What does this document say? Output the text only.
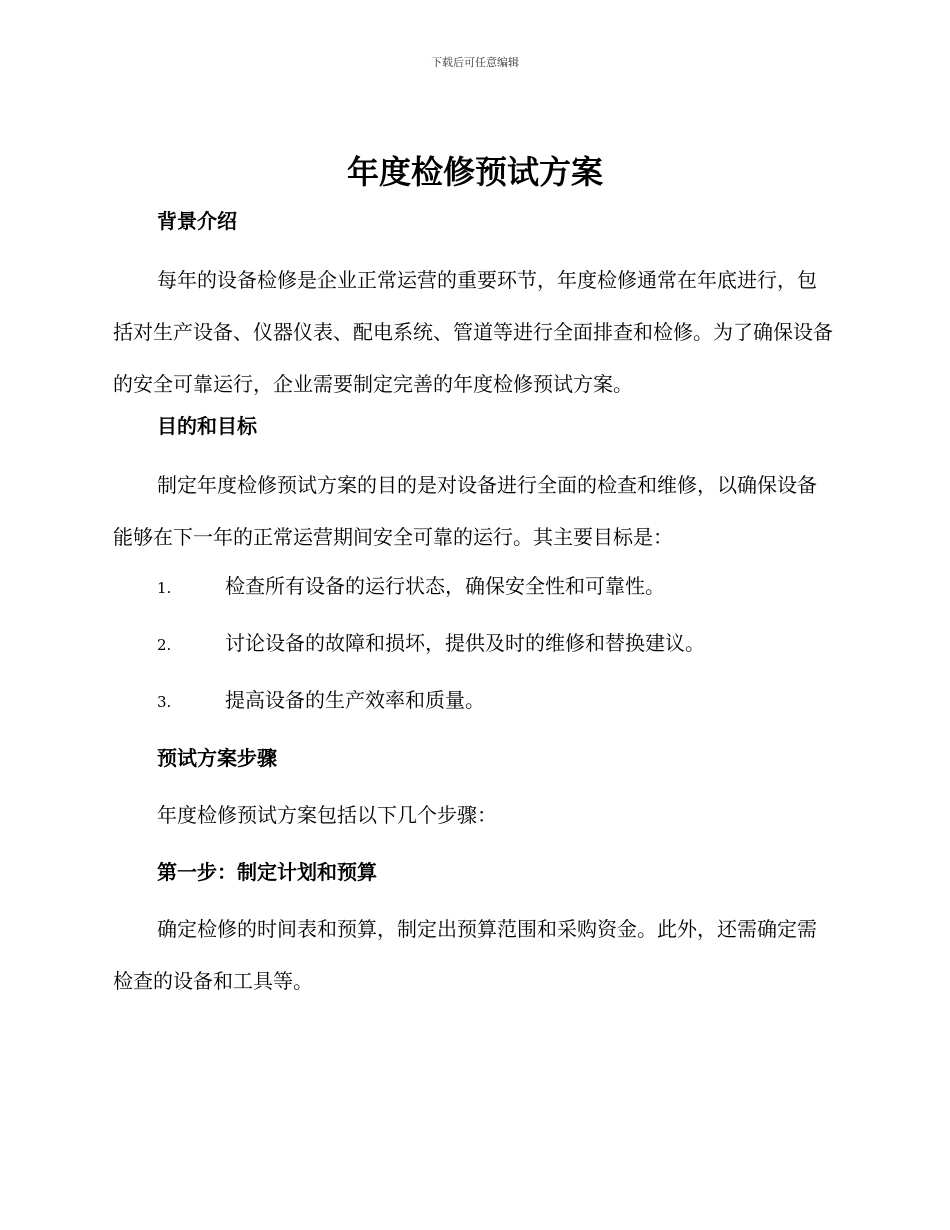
下载后可任意编辑
年度检修预试方案
背景介绍

每年的设备检修是企业正常运营的重要环节，年度检修通常在年底进行，包括对生产设备、仪器仪表、配电系统、管道等进行全面排查和检修。为了确保设备的安全可靠运行，企业需要制定完善的年度检修预试方案。

目的和目标

制定年度检修预试方案的目的是对设备进行全面的检查和维修，以确保设备能够在下一年的正常运营期间安全可靠的运行。其主要目标是：

1.	检查所有设备的运行状态，确保安全性和可靠性。
2.	讨论设备的故障和损坏，提供及时的维修和替换建议。
3.	提高设备的生产效率和质量。
预试方案步骤

年度检修预试方案包括以下几个步骤：

第一步：制定计划和预算

确定检修的时间表和预算，制定出预算范围和采购资金。此外，还需确定需检查的设备和工具等。
